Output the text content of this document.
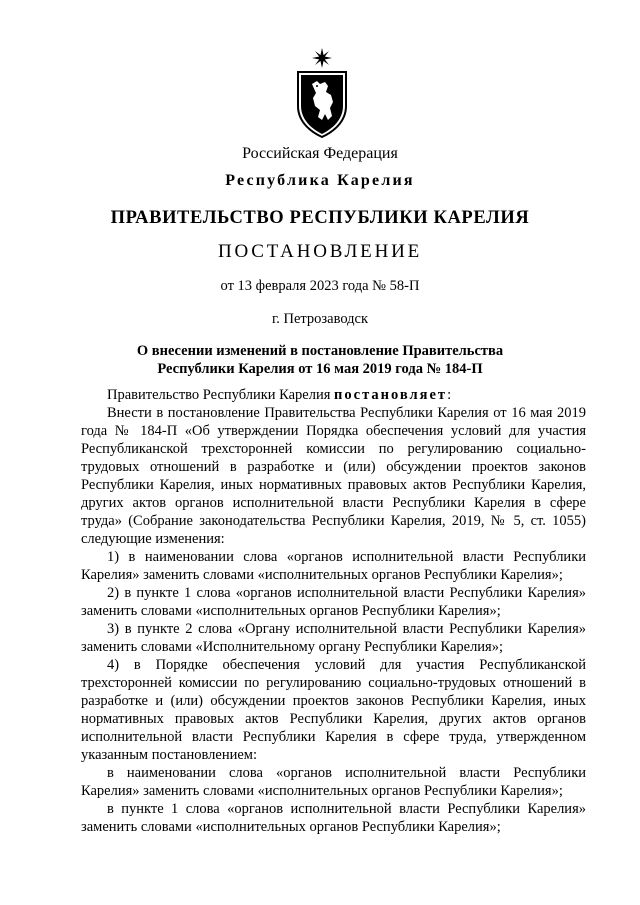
Российская Федерация
Республика Карелия
ПРАВИТЕЛЬСТВО РЕСПУБЛИКИ КАРЕЛИЯ
ПОСТАНОВЛЕНИЕ
от 13 февраля 2023 года № 58-П
г. Петрозаводск
О внесении изменений в постановление Правительства
Республики Карелия от 16 мая 2019 года № 184-П

Правительство Республики Карелия постановляет:

Внести в постановление Правительства Республики Карелия от 16 мая 2019 года № 184-П «Об утверждении Порядка обеспечения условий для участия Республиканской трехсторонней комиссии по регулированию социально-трудовых отношений в разработке и (или) обсуждении проектов законов Республики Карелия, иных нормативных правовых актов Республики Карелия, других актов органов исполнительной власти Республики Карелия в сфере труда» (Собрание законодательства Республики Карелия, 2019, № 5, ст. 1055) следующие изменения:

1) в наименовании слова «органов исполнительной власти Республики Карелия» заменить словами «исполнительных органов Республики Карелия»;

2) в пункте 1 слова «органов исполнительной власти Республики Карелия» заменить словами «исполнительных органов Республики Карелия»;

3) в пункте 2 слова «Органу исполнительной власти Республики Карелия» заменить словами «Исполнительному органу Республики Карелия»;

4) в Порядке обеспечения условий для участия Республиканской трехсторонней комиссии по регулированию социально-трудовых отношений в разработке и (или) обсуждении проектов законов Республики Карелия, иных нормативных правовых актов Республики Карелия, других актов органов исполнительной власти Республики Карелия в сфере труда, утвержденном указанным постановлением:

в наименовании слова «органов исполнительной власти Республики Карелия» заменить словами «исполнительных органов Республики Карелия»;

в пункте 1 слова «органов исполнительной власти Республики Карелия» заменить словами «исполнительных органов Республики Карелия»;
